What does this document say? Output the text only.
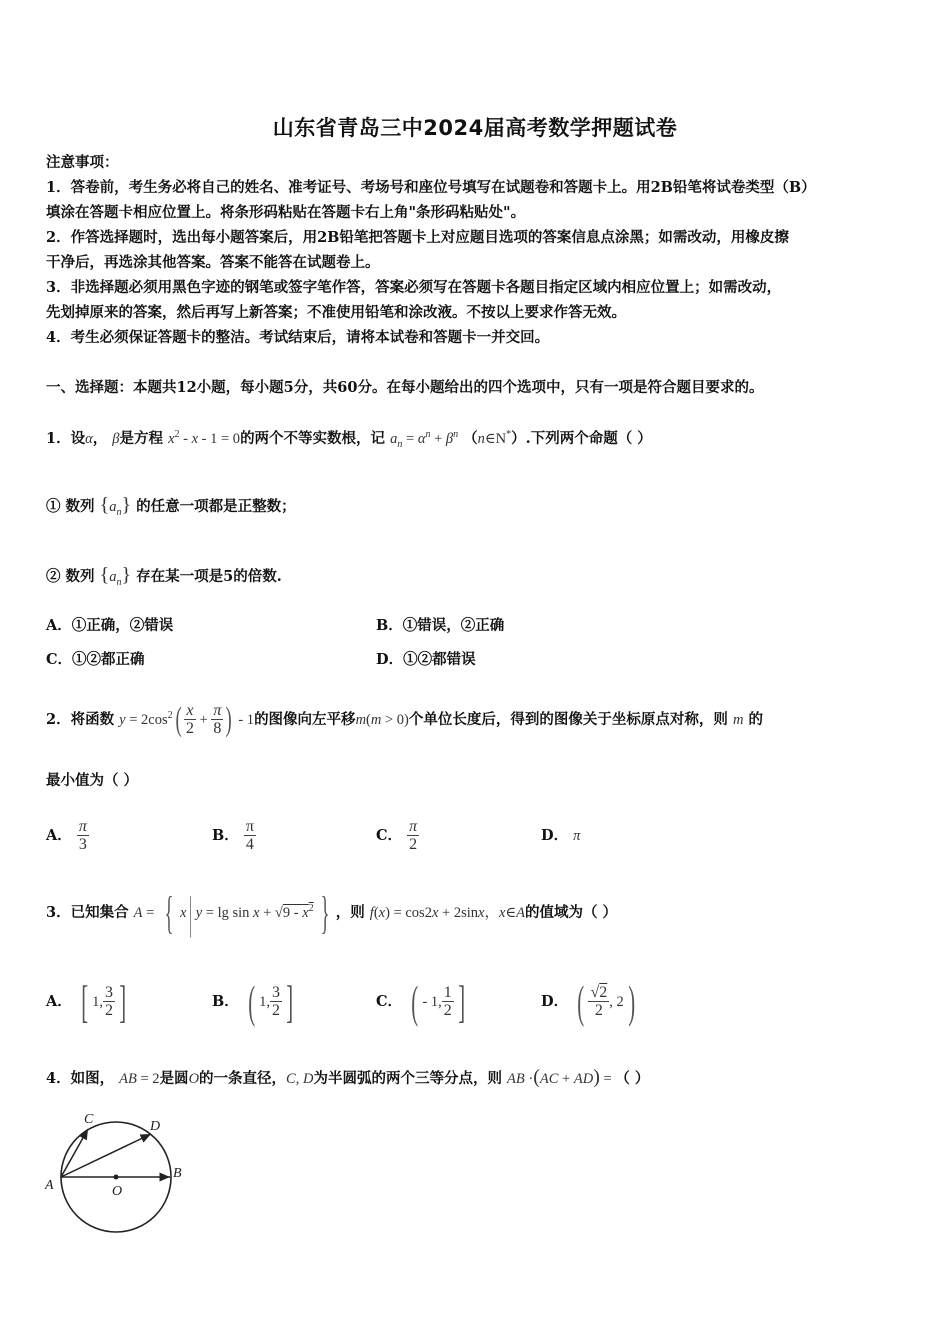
山东省青岛三中2024届高考数学押题试卷
注意事项：
1．答卷前，考生务必将自己的姓名、准考证号、考场号和座位号填写在试题卷和答题卡上。用2B铅笔将试卷类型（B）
填涂在答题卡相应位置上。将条形码粘贴在答题卡右上角"条形码粘贴处"。
2．作答选择题时，选出每小题答案后，用2B铅笔把答题卡上对应题目选项的答案信息点涂黑；如需改动，用橡皮擦
干净后，再选涂其他答案。答案不能答在试题卷上。
3．非选择题必须用黑色字迹的钢笔或签字笔作答，答案必须写在答题卡各题目指定区域内相应位置上；如需改动，
先划掉原来的答案，然后再写上新答案；不准使用铅笔和涂改液。不按以上要求作答无效。
4．考生必须保证答题卡的整洁。考试结束后，请将本试卷和答题卡一并交回。
一、选择题：本题共12小题，每小题5分，共60分。在每小题给出的四个选项中，只有一项是符合题目要求的。
1．设α， β是方程 $x^2 - x - 1 = 0$的两个不等实数根，记 $a_n = \alpha^n + \beta^n$ （n∈N*）.下列两个命题（ ）
① 数列 $\{a_n\}$ 的任意一项都是正整数；
② 数列 $\{a_n\}$ 存在某一项是5的倍数.
A．①正确，②错误	B．①错误，②正确
C．①②都正确	D．①②都错误
2．将函数 $y = 2\cos^2( \frac{x}{2} + \frac{\pi}{8}$ ) - 1的图像向左平移m(m > 0)个单位长度后，得到的图像关于坐标原点对称，则 m 的
最小值为（ ）
A． $\frac{\pi}{3}$	B． $\frac{\pi}{4}$	C． $\frac{\pi}{2}$	D． π
3．已知集合 A = { x| $y = \lg \sin x + √9 - x^2$ } ，则 f(x) = cos2x + 2sinx，x∈A的值域为（ ）
A． [ 1, $\frac{3}{2}$ ]	B． ( 1, $\frac{3}{2}$ ]	C． ( - 1, $\frac{1}{2}$ ]	D． ( $\frac{√2}{2}$ , 2)
4．如图， AB = 2是圆O的一条直径，C, D为半圆弧的两个三等分点，则 AB ·(AC + AD) = （ ）
A
B
C	D
O
